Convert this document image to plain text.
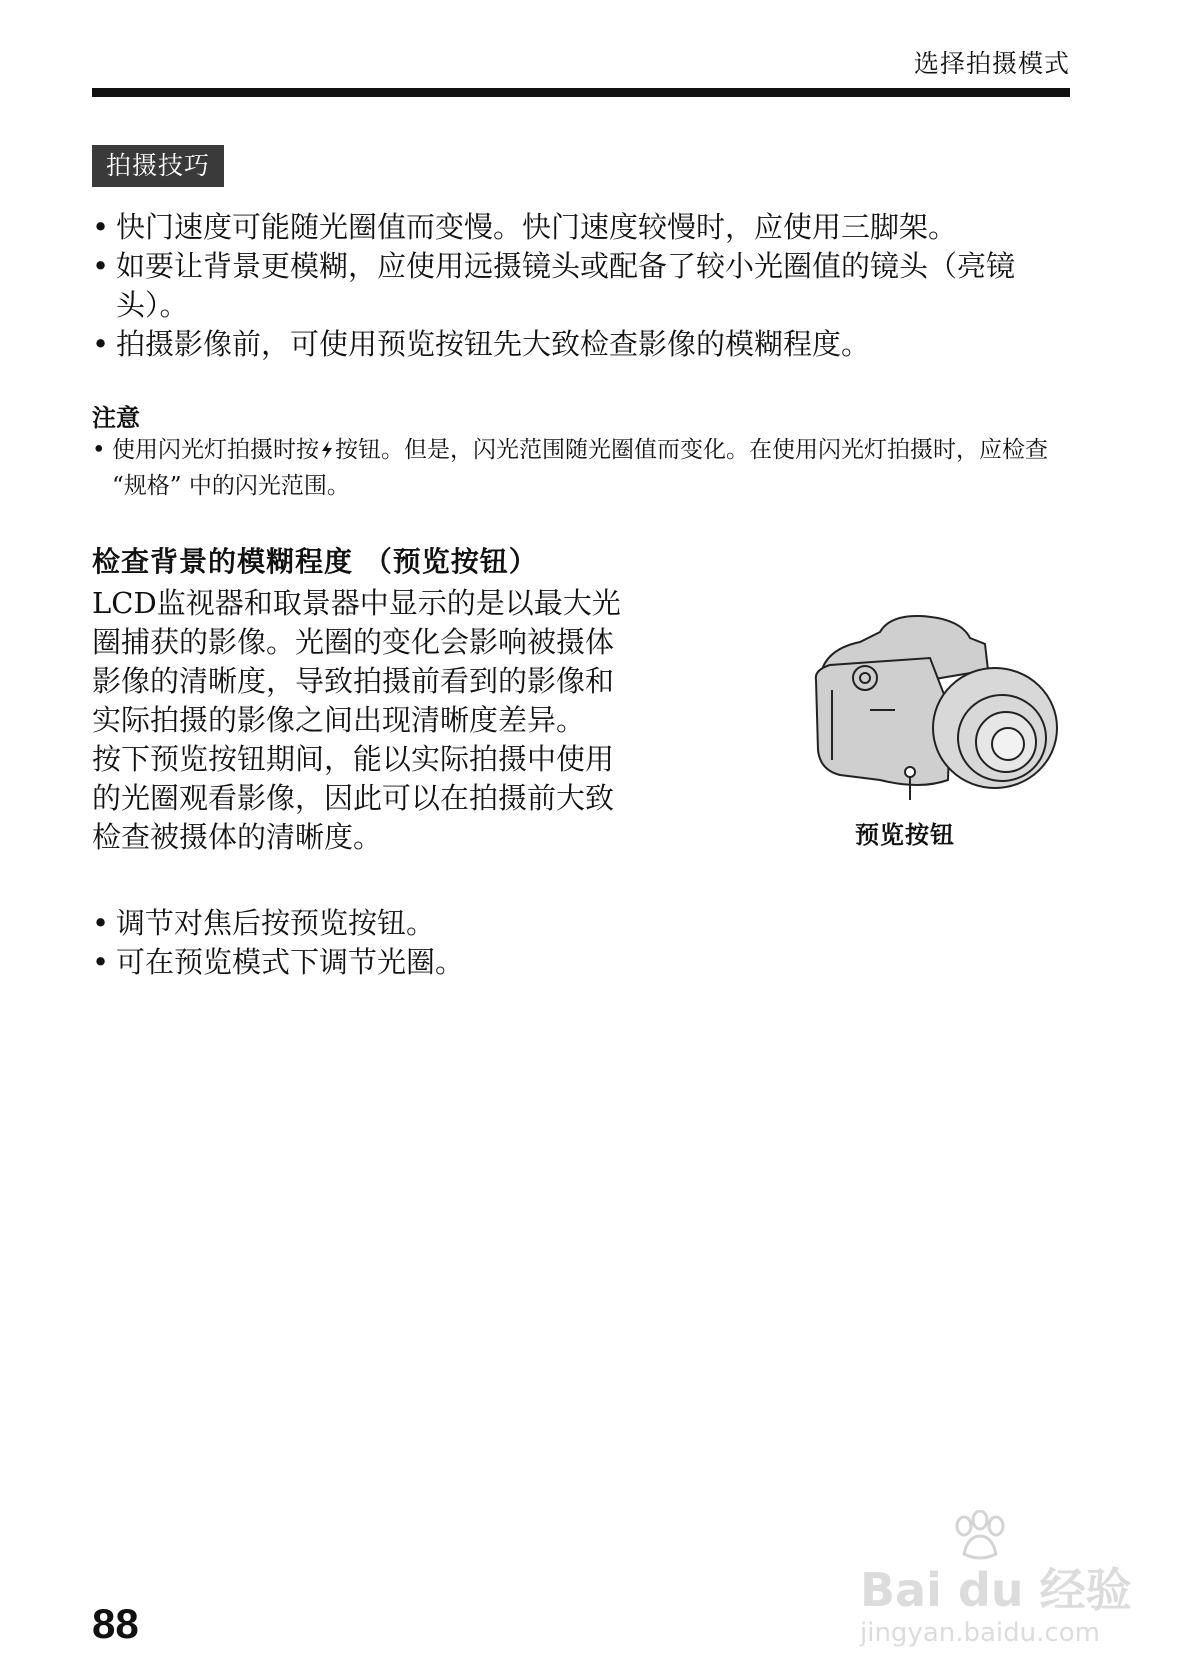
选择拍摄模式
拍摄技巧
• 快门速度可能随光圈值而变慢。快门速度较慢时，应使用三脚架。
• 如要让背景更模糊，应使用远摄镜头或配备了较小光圈值的镜头（亮镜头）。
• 拍摄影像前，可使用预览按钮先大致检查影像的模糊程度。
注意
• 使用闪光灯拍摄时按 按钮。但是，闪光范围随光圈值而变化。在使用闪光灯拍摄时，应检查 “规格” 中的闪光范围。
检查背景的模糊程度 （预览按钮）

LCD监视器和取景器中显示的是以最大光圈捕获的影像。光圈的变化会影响被摄体影像的清晰度，导致拍摄前看到的影像和实际拍摄的影像之间出现清晰度差异。

按下预览按钮期间，能以实际拍摄中使用的光圈观看影像，因此可以在拍摄前大致检查被摄体的清晰度。

• 调节对焦后按预览按钮。
• 可在预览模式下调节光圈。
预览按钮
88
Bai du 经验
jingyan.baidu.com
